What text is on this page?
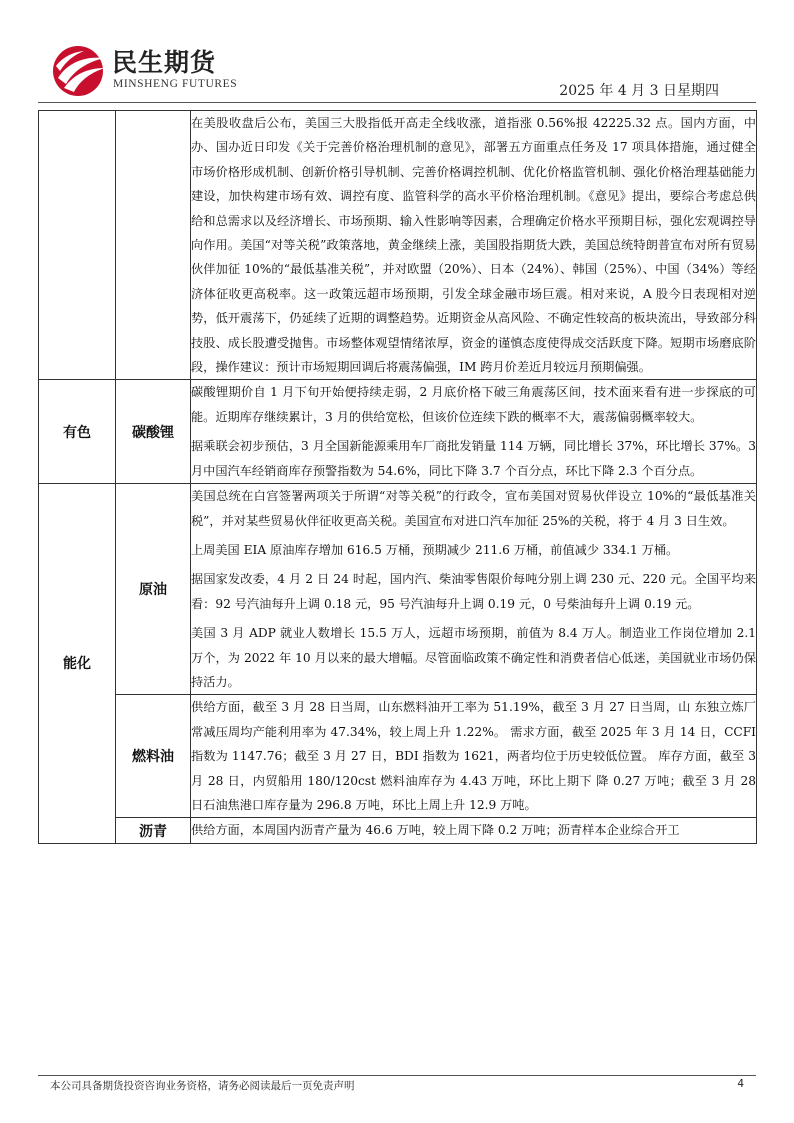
民生期货
MINSHENG FUTURES	2025 年 4 月 3 日星期四

		在美股收盘后公布，美国三大股指低开高走全线收涨，道指涨 0.56%报 42225.32 点。国内方面，中办、国办近日印发《关于完善价格治理机制的意见》，部署五方面重点任务及 17 项具体措施，通过健全市场价格形成机制、创新价格引导机制、完善价格调控机制、优化价格监管机制、强化价格治理基础能力建设，加快构建市场有效、调控有度、监管科学的高水平价格治理机制。《意见》提出，要综合考虑总供给和总需求以及经济增长、市场预期、输入性影响等因素，合理确定价格水平预期目标，强化宏观调控导向作用。美国“对等关税”政策落地，黄金继续上涨，美国股指期货大跌，美国总统特朗普宣布对所有贸易伙伴加征 10%的“最低基准关税”，并对欧盟（20%）、日本（24%）、韩国（25%）、中国（34%）等经济体征收更高税率。这一政策远超市场预期，引发全球金融市场巨震。相对来说，A 股今日表现相对逆势，低开震荡下，仍延续了近期的调整趋势。近期资金从高风险、不确定性较高的板块流出，导致部分科技股、成长股遭受抛售。市场整体观望情绪浓厚，资金的谨慎态度使得成交活跃度下降。短期市场磨底阶段，操作建议：预计市场短期回调后将震荡偏强，IM 跨月价差近月较远月预期偏强。

有色	碳酸锂	碳酸锂期价自 1 月下旬开始便持续走弱，2 月底价格下破三角震荡区间，技术面来看有进一步探底的可能。近期库存继续累计，3 月的供给宽松，但该价位连续下跌的概率不大，震荡偏弱概率较大。

据乘联会初步预估，3 月全国新能源乘用车厂商批发销量 114 万辆，同比增长 37%，环比增长 37%。3 月中国汽车经销商库存预警指数为 54.6%，同比下降 3.7 个百分点，环比下降 2.3 个百分点。

能化	原油	美国总统在白宫签署两项关于所谓“对等关税”的行政令，宣布美国对贸易伙伴设立 10%的“最低基准关税”，并对某些贸易伙伴征收更高关税。美国宣布对进口汽车加征 25%的关税，将于 4 月 3 日生效。

上周美国 EIA 原油库存增加 616.5 万桶，预期减少 211.6 万桶，前值减少 334.1 万桶。

据国家发改委，4 月 2 日 24 时起，国内汽、柴油零售限价每吨分别上调 230 元、220 元。全国平均来看：92 号汽油每升上调 0.18 元，95 号汽油每升上调 0.19 元，0 号柴油每升上调 0.19 元。

美国 3 月 ADP 就业人数增长 15.5 万人，远超市场预期，前值为 8.4 万人。制造业工作岗位增加 2.1 万个，为 2022 年 10 月以来的最大增幅。尽管面临政策不确定性和消费者信心低迷，美国就业市场仍保持活力。

	燃料油	供给方面，截至 3 月 28 日当周，山东燃料油开工率为 51.19%，截至 3 月 27 日当周，山 东独立炼厂常减压周均产能利用率为 47.34%，较上周上升 1.22%。 需求方面，截至 2025 年 3 月 14 日，CCFI 指数为 1147.76；截至 3 月 27 日，BDI 指数为 1621，两者均位于历史较低位置。 库存方面，截至 3 月 28 日，内贸船用 180/120cst 燃料油库存为 4.43 万吨，环比上期下 降 0.27 万吨；截至 3 月 28 日石油焦港口库存量为 296.8 万吨，环比上周上升 12.9 万吨。

	沥青	供给方面，本周国内沥青产量为 46.6 万吨，较上周下降 0.2 万吨；沥青样本企业综合开工

本公司具备期货投资咨询业务资格，请务必阅读最后一页免责声明	4
